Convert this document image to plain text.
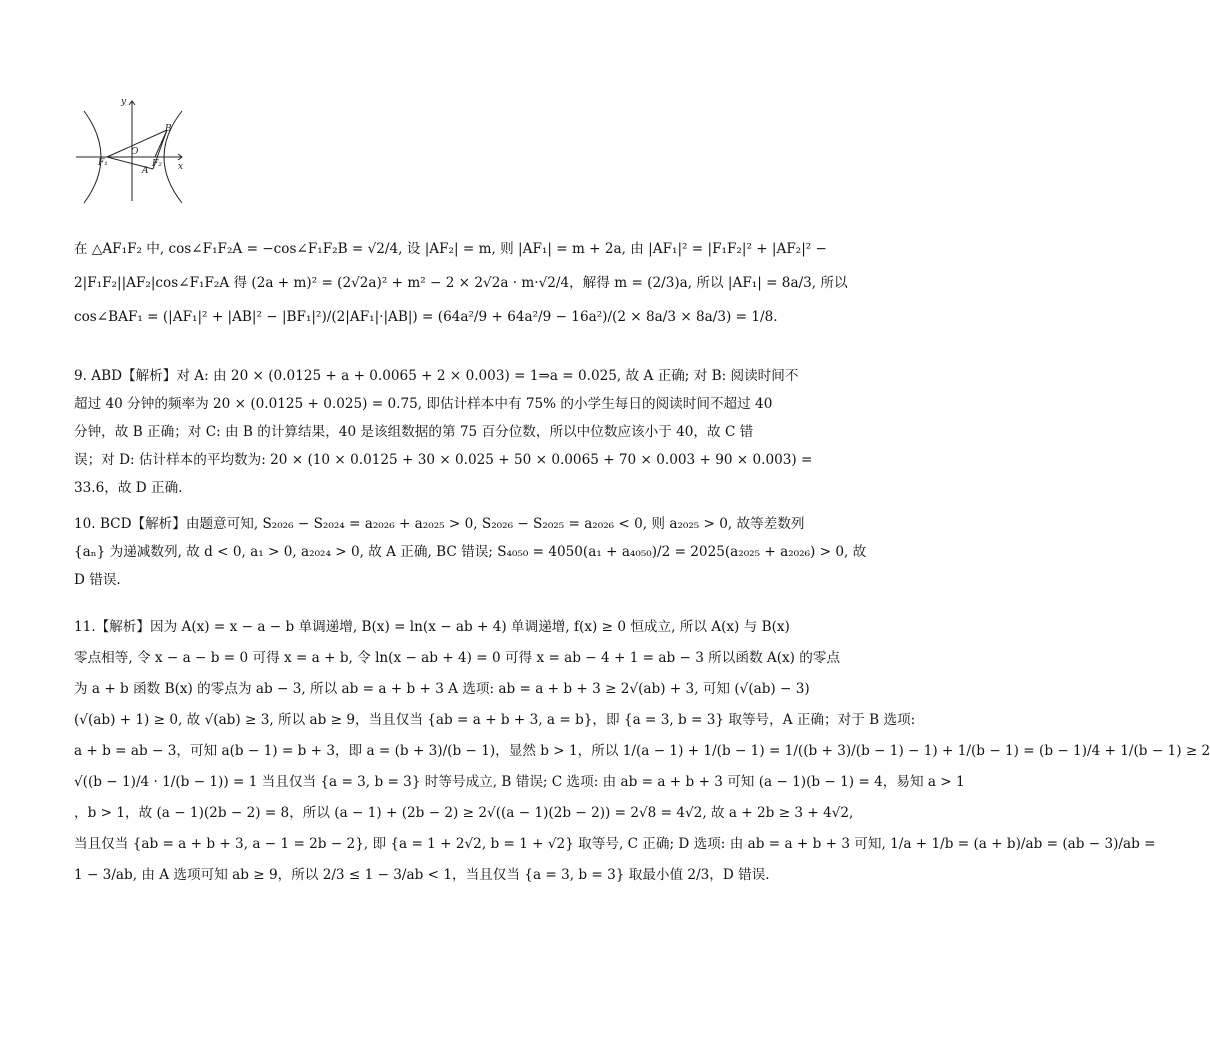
y
x
O
F₁	F₂
A
B
在 △AF₁F₂ 中, cos∠F₁F₂A = −cos∠F₁F₂B = √2/4, 设 |AF₂| = m, 则 |AF₁| = m + 2a, 由 |AF₁|² = |F₁F₂|² + |AF₂|² −
2|F₁F₂||AF₂|cos∠F₁F₂A 得 (2a + m)² = (2√2a)² + m² − 2 × 2√2a · m·√2/4，解得 m = (2/3)a, 所以 |AF₁| = 8a/3, 所以
cos∠BAF₁ = (|AF₁|² + |AB|² − |BF₁|²)/(2|AF₁|·|AB|) = (64a²/9 + 64a²/9 − 16a²)/(2 × 8a/3 × 8a/3) = 1/8.
9. ABD【解析】对 A: 由 20 × (0.0125 + a + 0.0065 + 2 × 0.003) = 1⇒a = 0.025, 故 A 正确; 对 B: 阅读时间不
超过 40 分钟的频率为 20 × (0.0125 + 0.025) = 0.75, 即估计样本中有 75% 的小学生每日的阅读时间不超过 40
分钟，故 B 正确；对 C: 由 B 的计算结果，40 是该组数据的第 75 百分位数，所以中位数应该小于 40，故 C 错
误；对 D: 估计样本的平均数为: 20 × (10 × 0.0125 + 30 × 0.025 + 50 × 0.0065 + 70 × 0.003 + 90 × 0.003) =
33.6，故 D 正确.
10. BCD【解析】由题意可知, S₂₀₂₆ − S₂₀₂₄ = a₂₀₂₆ + a₂₀₂₅ > 0, S₂₀₂₆ − S₂₀₂₅ = a₂₀₂₆ < 0, 则 a₂₀₂₅ > 0, 故等差数列
{aₙ} 为递减数列, 故 d < 0, a₁ > 0, a₂₀₂₄ > 0, 故 A 正确, BC 错误; S₄₀₅₀ = 4050(a₁ + a₄₀₅₀)/2 = 2025(a₂₀₂₅ + a₂₀₂₆) > 0, 故
D 错误.
11.【解析】因为 A(x) = x − a − b 单调递增, B(x) = ln(x − ab + 4) 单调递增, f(x) ≥ 0 恒成立, 所以 A(x) 与 B(x)
零点相等, 令 x − a − b = 0 可得 x = a + b, 令 ln(x − ab + 4) = 0 可得 x = ab − 4 + 1 = ab − 3 所以函数 A(x) 的零点
为 a + b 函数 B(x) 的零点为 ab − 3, 所以 ab = a + b + 3 A 选项: ab = a + b + 3 ≥ 2√(ab) + 3, 可知 (√(ab) − 3)
(√(ab) + 1) ≥ 0, 故 √(ab) ≥ 3, 所以 ab ≥ 9，当且仅当 {ab = a + b + 3, a = b}，即 {a = 3, b = 3} 取等号，A 正确；对于 B 选项:
a + b = ab − 3，可知 a(b − 1) = b + 3，即 a = (b + 3)/(b − 1)，显然 b > 1，所以 1/(a − 1) + 1/(b − 1) = 1/((b + 3)/(b − 1) − 1) + 1/(b − 1) = (b − 1)/4 + 1/(b − 1) ≥ 2
√((b − 1)/4 · 1/(b − 1)) = 1 当且仅当 {a = 3, b = 3} 时等号成立, B 错误; C 选项: 由 ab = a + b + 3 可知 (a − 1)(b − 1) = 4，易知 a > 1
，b > 1，故 (a − 1)(2b − 2) = 8，所以 (a − 1) + (2b − 2) ≥ 2√((a − 1)(2b − 2)) = 2√8 = 4√2, 故 a + 2b ≥ 3 + 4√2,
当且仅当 {ab = a + b + 3, a − 1 = 2b − 2}, 即 {a = 1 + 2√2, b = 1 + √2} 取等号, C 正确; D 选项: 由 ab = a + b + 3 可知, 1/a + 1/b = (a + b)/ab = (ab − 3)/ab =
1 − 3/ab, 由 A 选项可知 ab ≥ 9，所以 2/3 ≤ 1 − 3/ab < 1，当且仅当 {a = 3, b = 3} 取最小值 2/3，D 错误.
